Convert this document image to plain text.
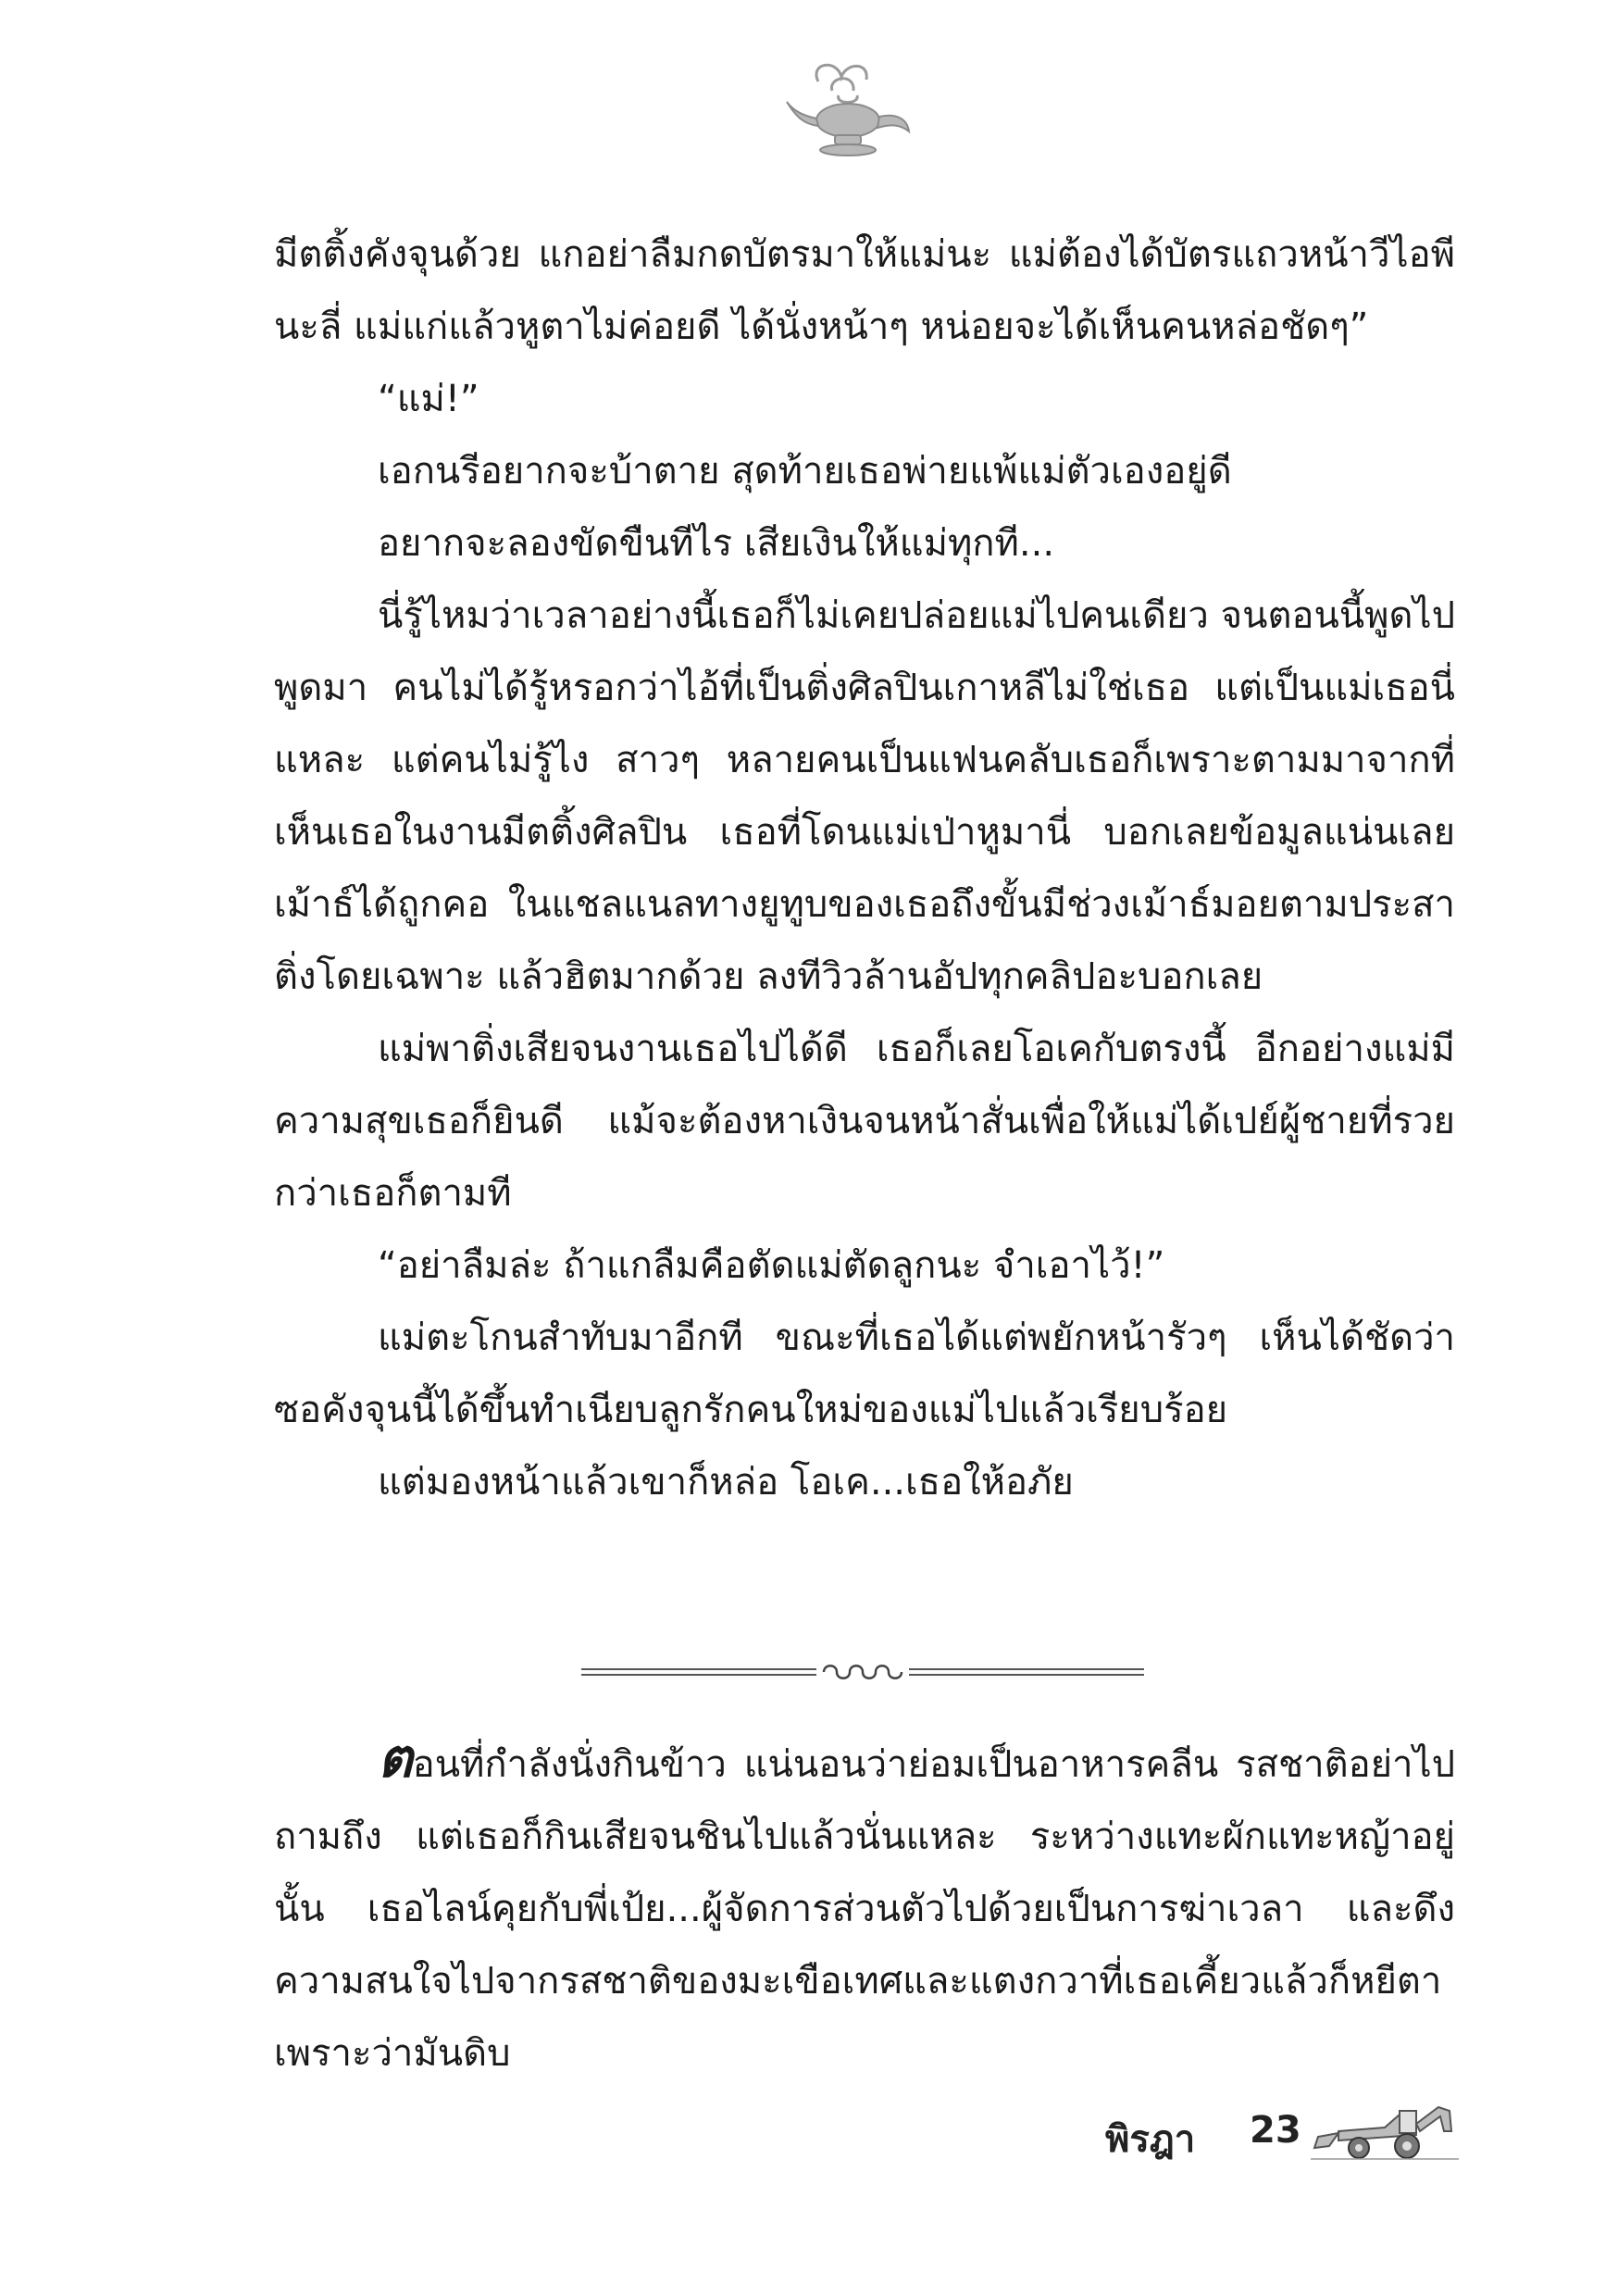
มีตติ้งคังจุนด้วย แกอย่าลืมกดบัตรมาให้แม่นะ แม่ต้องได้บัตรแถวหน้าวีไอพีนะลี่ แม่แก่แล้วหูตาไม่ค่อยดี ได้นั่งหน้าๆ หน่อยจะได้เห็นคนหล่อชัดๆ”

“แม่!”

เอกนรีอยากจะบ้าตาย สุดท้ายเธอพ่ายแพ้แม่ตัวเองอยู่ดี

อยากจะลองขัดขืนทีไร เสียเงินให้แม่ทุกที...

นี่รู้ไหมว่าเวลาอย่างนี้เธอก็ไม่เคยปล่อยแม่ไปคนเดียว จนตอนนี้พูดไปพูดมา คนไม่ได้รู้หรอกว่าไอ้ที่เป็นติ่งศิลปินเกาหลีไม่ใช่เธอ แต่เป็นแม่เธอนี่แหละ แต่คนไม่รู้ไง สาวๆ หลายคนเป็นแฟนคลับเธอก็เพราะตามมาจากที่เห็นเธอในงานมีตติ้งศิลปิน เธอที่โดนแม่เป่าหูมานี่ บอกเลยข้อมูลแน่นเลยเม้าธ์ได้ถูกคอ ในแชลแนลทางยูทูบของเธอถึงขั้นมีช่วงเม้าธ์มอยตามประสาติ่งโดยเฉพาะ แล้วฮิตมากด้วย ลงทีวิวล้านอัปทุกคลิปอะบอกเลย

แม่พาติ่งเสียจนงานเธอไปได้ดี เธอก็เลยโอเคกับตรงนี้ อีกอย่างแม่มีความสุขเธอก็ยินดี แม้จะต้องหาเงินจนหน้าสั่นเพื่อให้แม่ได้เปย์ผู้ชายที่รวยกว่าเธอก็ตามที

“อย่าลืมล่ะ ถ้าแกลืมคือตัดแม่ตัดลูกนะ จำเอาไว้!”

แม่ตะโกนสำทับมาอีกที ขณะที่เธอได้แต่พยักหน้ารัวๆ เห็นได้ชัดว่าซอคังจุนนี้ได้ขึ้นทำเนียบลูกรักคนใหม่ของแม่ไปแล้วเรียบร้อย

แต่มองหน้าแล้วเขาก็หล่อ โอเค...เธอให้อภัย

ตอนที่กำลังนั่งกินข้าว แน่นอนว่าย่อมเป็นอาหารคลีน รสชาติอย่าไปถามถึง แต่เธอก็กินเสียจนชินไปแล้วนั่นแหละ ระหว่างแทะผักแทะหญ้าอยู่นั้น เธอไลน์คุยกับพี่เป้ย...ผู้จัดการส่วนตัวไปด้วยเป็นการฆ่าเวลา และดึงความสนใจไปจากรสชาติของมะเขือเทศและแตงกวาที่เธอเคี้ยวแล้วก็หยีตาเพราะว่ามันดิบ

พิรฎา 23
